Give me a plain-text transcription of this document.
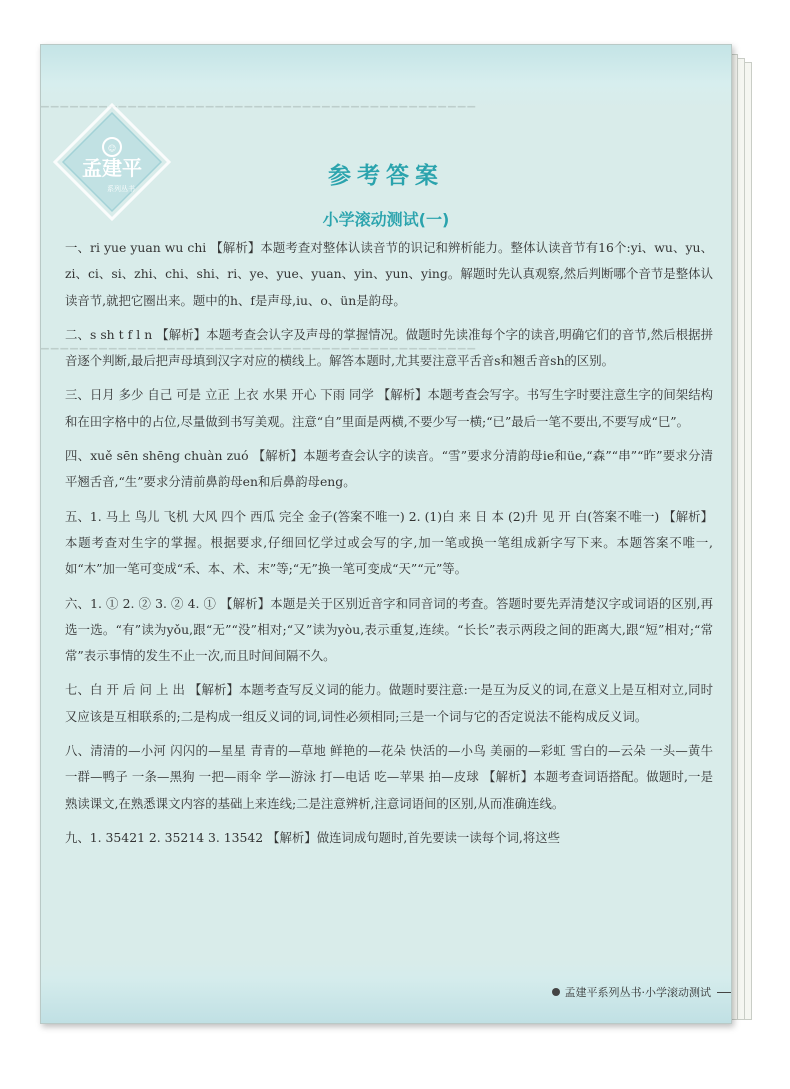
▁▁▁▁▁▁▁▁▁▁▁▁▁▁▁▁▁▁▁▁▁▁▁▁▁▁▁▁▁▁▁▁▁▁▁▁▁▁▁▁▁▁▁▁▁
▁▁▁▁▁▁▁▁▁▁▁▁▁▁▁▁▁▁▁▁▁▁▁▁▁▁▁▁▁▁▁▁▁▁▁▁▁▁▁▁▁▁▁▁▁
☺
孟建平
系列丛书	参考答案
小学滚动测试(一)

一、ri yue yuan wu chi 【解析】本题考查对整体认读音节的识记和辨析能力。整体认读音节有16个:yi、wu、yu、zi、ci、si、zhi、chi、shi、ri、ye、yue、yuan、yin、yun、ying。解题时先认真观察,然后判断哪个音节是整体认读音节,就把它圈出来。题中的h、f是声母,iu、o、ün是韵母。

二、s sh t f l n 【解析】本题考查会认字及声母的掌握情况。做题时先读准每个字的读音,明确它们的音节,然后根据拼音逐个判断,最后把声母填到汉字对应的横线上。解答本题时,尤其要注意平舌音s和翘舌音sh的区别。

三、日月 多少 自己 可是 立正 上衣 水果 开心 下雨 同学 【解析】本题考查会写字。书写生字时要注意生字的间架结构和在田字格中的占位,尽量做到书写美观。注意“自”里面是两横,不要少写一横;“已”最后一笔不要出,不要写成“巳”。

四、xuě sēn shēng chuàn zuó 【解析】本题考查会认字的读音。“雪”要求分清韵母ie和üe,“森”“串”“昨”要求分清平翘舌音,“生”要求分清前鼻韵母en和后鼻韵母eng。

五、1. 马上 鸟儿 飞机 大风 四个 西瓜 完全 金子(答案不唯一) 2. (1)白 来 日 本 (2)升 见 开 白(答案不唯一) 【解析】本题考查对生字的掌握。根据要求,仔细回忆学过或会写的字,加一笔或换一笔组成新字写下来。本题答案不唯一,如“木”加一笔可变成“禾、本、术、末”等;“无”换一笔可变成“天”“元”等。

六、1. ① 2. ② 3. ② 4. ① 【解析】本题是关于区别近音字和同音词的考查。答题时要先弄清楚汉字或词语的区别,再选一选。“有”读为yǒu,跟“无”“没”相对;“又”读为yòu,表示重复,连续。“长长”表示两段之间的距离大,跟“短”相对;“常常”表示事情的发生不止一次,而且时间间隔不久。

七、白 开 后 问 上 出 【解析】本题考查写反义词的能力。做题时要注意:一是互为反义的词,在意义上是互相对立,同时又应该是互相联系的;二是构成一组反义词的词,词性必须相同;三是一个词与它的否定说法不能构成反义词。

八、清清的—小河 闪闪的—星星 青青的—草地 鲜艳的—花朵 快活的—小鸟 美丽的—彩虹 雪白的—云朵 一头—黄牛 一群—鸭子 一条—黑狗 一把—雨伞 学—游泳 打—电话 吃—苹果 拍—皮球 【解析】本题考查词语搭配。做题时,一是熟读课文,在熟悉课文内容的基础上来连线;二是注意辨析,注意词语间的区别,从而准确连线。

九、1. 35421 2. 35214 3. 13542 【解析】做连词成句题时,首先要读一读每个词,将这些

孟建平系列丛书·小学滚动测试
